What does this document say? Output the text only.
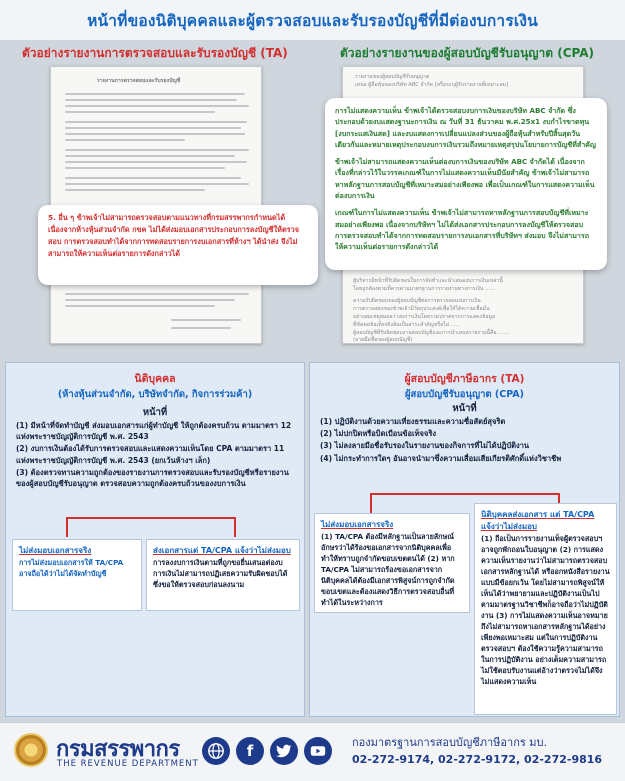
หน้าที่ของนิติบุคคลและผู้ตรวจสอบและรับรองบัญชีที่มีต่องบการเงิน
ตัวอย่างรายงานการตรวจสอบและรับรองบัญชี (TA)	ตัวอย่างรายงานของผู้สอบบัญชีรับอนุญาต (CPA)
รายงานการตรวจสอบและรับรองบัญชี
รายงานของผู้สอบบัญชีรับอนุญาต
เสนอ ผู้ถือหุ้นของบริษัท ABC จำกัด [หรือระบุผู้รับรายงานที่เหมาะสม]
ผู้บริหารมีหน้าที่รับผิดชอบในการจัดทำและนำเสนองบการเงินเหล่านี้
โดยถูกต้องตามที่ควรตามมาตรฐานการรายงานทางการเงิน ......
ความรับผิดชอบของผู้สอบบัญชีต่อการตรวจสอบงบการเงิน
การตรวจสอบของข้าพเจ้ามีวัตถุประสงค์เพื่อให้ได้ความเชื่อมั่น
อย่างสมเหตุสมผลว่างบการเงินโดยรวมปราศจากการแสดงข้อมูล
ที่ขัดต่อข้อเท็จจริงอันเป็นสาระสำคัญหรือไม่ .....
ผู้สอบบัญชีที่รับผิดชอบงานสอบบัญชีและการนำเสนอรายงานนี้คือ .......
(ลายมือชื่อของผู้สอบบัญชี)

5. อื่น ๆ ข้าพเจ้าไม่สามารถตรวจสอบตามแนวทางที่กรมสรรพากรกำหนดได้ เนื่องจากห้างหุ้นส่วนจำกัด กขค ไม่ได้ส่งมอบเอกสารประกอบการลงบัญชีให้ตรวจสอบ การตรวจสอบทำได้จากการทดสอบรายการงบเอกสารที่ห้างฯ ได้นำส่ง จึงไม่สามารถให้ความเห็นต่อรายการดังกล่าวได้

การไม่แสดงความเห็น ข้าพเจ้าได้ตรวจสอบงบการเงินของบริษัท ABC จำกัด ซึ่งประกอบด้วยงบแสดงฐานะการเงิน ณ วันที่ 31 ธันวาคม พ.ศ.25x1 งบกำไรขาดทุน [งบกระแสเงินสด] และงบแสดงการเปลี่ยนแปลงส่วนของผู้ถือหุ้นสำหรับปีสิ้นสุดวันเดียวกันและหมายเหตุประกอบงบการเงินรวมถึงหมายเหตุสรุปนโยบายการบัญชีที่สำคัญ

ข้าพเจ้าไม่สามารถแสดงความเห็นต่องบการเงินของบริษัท ABC จำกัดได้ เนื่องจากเรื่องที่กล่าวไว้ในวรรคเกณฑ์ในการไม่แสดงความเห็นมีนัยสำคัญ ข้าพเจ้าไม่สามารถหาหลักฐานการสอบบัญชีที่เหมาะสมอย่างเพียงพอ เพื่อเป็นเกณฑ์ในการแสดงความเห็นต่องบการเงิน

เกณฑ์ในการไม่แสดงความเห็น ข้าพเจ้าไม่สามารถหาหลักฐานการสอบบัญชีที่เหมาะสมอย่างเพียงพอ เนื่องจากบริษัทฯ ไม่ได้ส่งเอกสารประกอบการลงบัญชีให้ตรวจสอบ การตรวจสอบทำได้จากการทดสอบรายการงบเอกสารที่บริษัทฯ ส่งมอบ จึงไม่สามารถให้ความเห็นต่อรายการดังกล่าวได้

นิติบุคคล
(ห้างหุ้นส่วนจำกัด, บริษัทจำกัด, กิจการร่วมค้า)
หน้าที่
(1) มีหน้าที่จัดทำบัญชี ส่งมอบเอกสารแก่ผู้ทำบัญชี ให้ถูกต้องครบถ้วน ตามมาตรา 12 แห่งพระราชบัญญัติการบัญชี พ.ศ. 2543
(2) งบการเงินต้องได้รับการตรวจสอบและแสดงความเห็นโดย CPA ตามมาตรา 11 แห่งพระราชบัญญัติการบัญชี พ.ศ. 2543 (ยกเว้นห้างฯ เล็ก)
(3) ต้องตรวจทานความถูกต้องของรายงานการตรวจสอบและรับรองบัญชีหรือรายงานของผู้สอบบัญชีรับอนุญาต ตรวจสอบความถูกต้องครบถ้วนของงบการเงิน
ไม่ส่งมอบเอกสารจริง
การไม่ส่งมอบเอกสารให้ TA/CPA อาจถือได้ว่าไม่ได้จัดทำบัญชี
ส่งเอกสารแต่ TA/CPA แจ้งว่าไม่ส่งมอบ
การลงงบการเงินตามที่ถูกขอยื่นเสนอต่องบการเงินไม่สามารถปฏิเสธความรับผิดชอบได้ซึ่งขอให้ตรวจสอบก่อนลงนาม
ผู้สอบบัญชีภาษีอากร (TA)
ผู้สอบบัญชีรับอนุญาต (CPA)
หน้าที่
(1) ปฏิบัติงานด้วยความเที่ยงธรรมและความซื่อสัตย์สุจริต
(2) ไม่ปกปิดหรือบิดเบือนข้อเท็จจริง
(3) ไม่ลงลายมือชื่อรับรองในรายงานของกิจการที่ไม่ได้ปฏิบัติงาน
(4) ไม่กระทำการใดๆ อันอาจนำมาซึ่งความเสื่อมเสียเกียรติศักดิ์แห่งวิชาชีพ
ไม่ส่งมอบเอกสารจริง
(1) TA/CPA ต้องมีหลักฐานเป็นลายลักษณ์อักษรว่าได้ร้องขอเอกสารจากนิติบุคคลเพื่อทำให้ทราบถูกจำกัดขอบเขตตนได้ (2) หาก TA/CPA ไม่สามารถร้องขอเอกสารจากนิติบุคคลได้ต้องมีเอกสารพิสูจน์การถูกจำกัดขอบเขตและต้องแสดงวิธีการตรวจสอบอื่นที่ทำได้ในระหว่างการ
นิติบุคคลส่งเอกสาร แต่ TA/CPA แจ้งว่าไม่ส่งมอบ
(1) ถือเป็นการรายงานเท็จผู้ตรวจสอบฯ อาจถูกพักถอนใบอนุญาต (2) การแสดงความเห็นรายงานว่าไม่สามารถตรวจสอบเอกสารหลักฐานได้ หรืออกหนังสือรายงานแบบมีข้อยกเว้น โดยไม่สามารถพิสูจน์ให้เห็นได้ว่าพยายามและปฏิบัติงานเป็นไปตามมาตรฐานวิชาชีพก็อาจถือว่าไม่ปฏิบัติงาน (3) การไม่แสดงความเห็นอาจหมายถึงไม่สามารถหาเอกสารหลักฐานได้อย่างเพียงพอเหมาะสม แต่ในการปฏิบัติงานตรวจสอบฯ ต้องใช้ความรู้ความสามารถ ในการปฏิบัติงาน อย่างเต็มความสามารถ ไม่ใช้ตอบรับงานแต่อ้างว่าตรวจไม่ได้จึงไม่แสดงความเห็น
กรมสรรพากร
THE REVENUE DEPARTMENT
f	กองมาตรฐานการสอบบัญชีภาษีอากร มบ.
02-272-9174, 02-272-9172, 02-272-9816
